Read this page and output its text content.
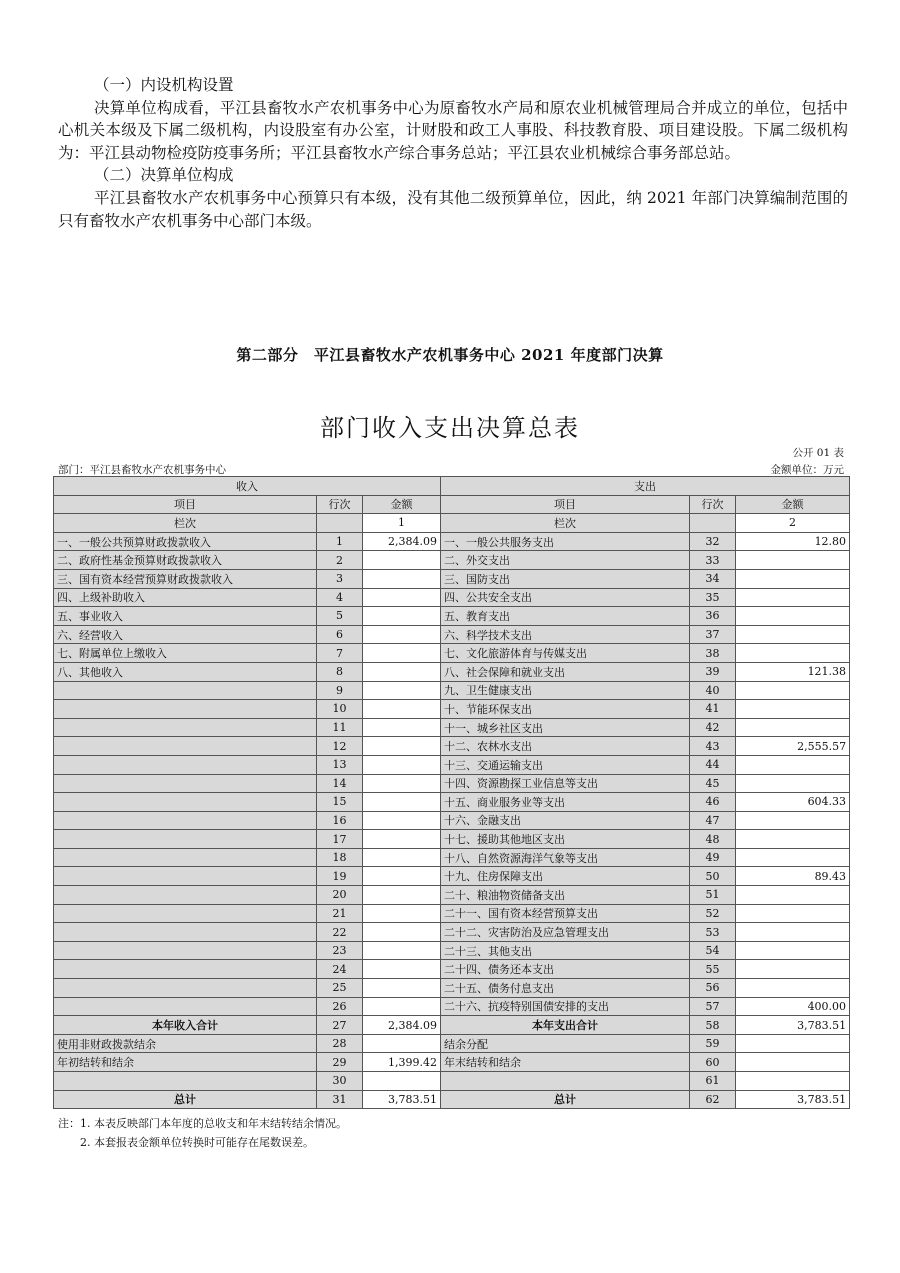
（一）内设机构设置

决算单位构成看，平江县畜牧水产农机事务中心为原畜牧水产局和原农业机械管理局合并成立的单位，包括中心机关本级及下属二级机构，内设股室有办公室，计财股和政工人事股、科技教育股、项目建设股。下属二级机构为：平江县动物检疫防疫事务所；平江县畜牧水产综合事务总站；平江县农业机械综合事务部总站。

（二）决算单位构成

平江县畜牧水产农机事务中心预算只有本级，没有其他二级预算单位，因此，纳 2021 年部门决算编制范围的只有畜牧水产农机事务中心部门本级。

第二部分　平江县畜牧水产农机事务中心 2021 年度部门决算
部门收入支出决算总表
公开 01 表
部门：平江县畜牧水产农机事务中心	金额单位：万元
收入			支出		
项目	行次	金额	项目	行次	金额
栏次		1	栏次		2
一、一般公共预算财政拨款收入	1	2,384.09	一、一般公共服务支出	32	12.80
二、政府性基金预算财政拨款收入	2		二、外交支出	33	
三、国有资本经营预算财政拨款收入	3		三、国防支出	34	
四、上级补助收入	4		四、公共安全支出	35	
五、事业收入	5		五、教育支出	36	
六、经营收入	6		六、科学技术支出	37	
七、附属单位上缴收入	7		七、文化旅游体育与传媒支出	38	
八、其他收入	8		八、社会保障和就业支出	39	121.38
	9		九、卫生健康支出	40	
	10		十、节能环保支出	41	
	11		十一、城乡社区支出	42	
	12		十二、农林水支出	43	2,555.57
	13		十三、交通运输支出	44	
	14		十四、资源勘探工业信息等支出	45	
	15		十五、商业服务业等支出	46	604.33
	16		十六、金融支出	47	
	17		十七、援助其他地区支出	48	
	18		十八、自然资源海洋气象等支出	49	
	19		十九、住房保障支出	50	89.43
	20		二十、粮油物资储备支出	51	
	21		二十一、国有资本经营预算支出	52	
	22		二十二、灾害防治及应急管理支出	53	
	23		二十三、其他支出	54	
	24		二十四、债务还本支出	55	
	25		二十五、债务付息支出	56	
	26		二十六、抗疫特别国债安排的支出	57	400.00
本年收入合计	27	2,384.09	本年支出合计	58	3,783.51
使用非财政拨款结余	28		结余分配	59	
年初结转和结余	29	1,399.42	年末结转和结余	60	
	30			61	
总计	31	3,783.51	总计	62	3,783.51
注：1. 本表反映部门本年度的总收支和年末结转结余情况。
2. 本套报表金额单位转换时可能存在尾数误差。
